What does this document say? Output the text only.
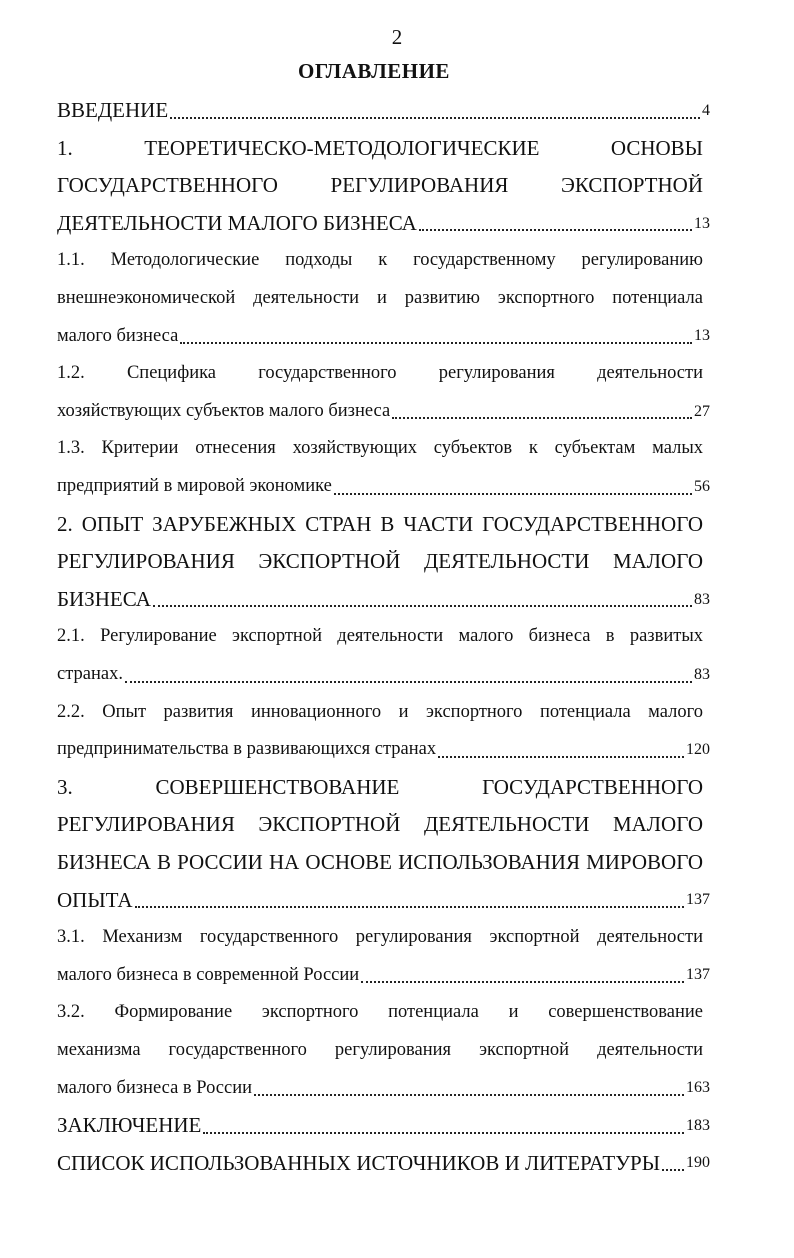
2
ОГЛАВЛЕНИЕ
ВВЕДЕНИЕ	4
1. ТЕОРЕТИЧЕСКО-МЕТОДОЛОГИЧЕСКИЕ ОСНОВЫ
ГОСУДАРСТВЕННОГО РЕГУЛИРОВАНИЯ ЭКСПОРТНОЙ
ДЕЯТЕЛЬНОСТИ МАЛОГО БИЗНЕСА	13
1.1. Методологические подходы к государственному регулированию
внешнеэкономической деятельности и развитию экспортного потенциала
малого бизнеса	13
1.2. Специфика государственного регулирования деятельности
хозяйствующих субъектов малого бизнеса	27
1.3. Критерии отнесения хозяйствующих субъектов к субъектам малых
предприятий в мировой экономике	56
2. ОПЫТ ЗАРУБЕЖНЫХ СТРАН В ЧАСТИ ГОСУДАРСТВЕННОГО
РЕГУЛИРОВАНИЯ ЭКСПОРТНОЙ ДЕЯТЕЛЬНОСТИ МАЛОГО
БИЗНЕСА	83
2.1. Регулирование экспортной деятельности малого бизнеса в развитых
странах.	83
2.2. Опыт развития инновационного и экспортного потенциала малого
предпринимательства в развивающихся странах	120
3. СОВЕРШЕНСТВОВАНИЕ ГОСУДАРСТВЕННОГО
РЕГУЛИРОВАНИЯ ЭКСПОРТНОЙ ДЕЯТЕЛЬНОСТИ МАЛОГО
БИЗНЕСА В РОССИИ НА ОСНОВЕ ИСПОЛЬЗОВАНИЯ МИРОВОГО
ОПЫТА	137
3.1. Механизм государственного регулирования экспортной деятельности
малого бизнеса в современной России	137
3.2. Формирование экспортного потенциала и совершенствование
механизма государственного регулирования экспортной деятельности
малого бизнеса в России	163
ЗАКЛЮЧЕНИЕ	183
СПИСОК ИСПОЛЬЗОВАННЫХ ИСТОЧНИКОВ И ЛИТЕРАТУРЫ 190
